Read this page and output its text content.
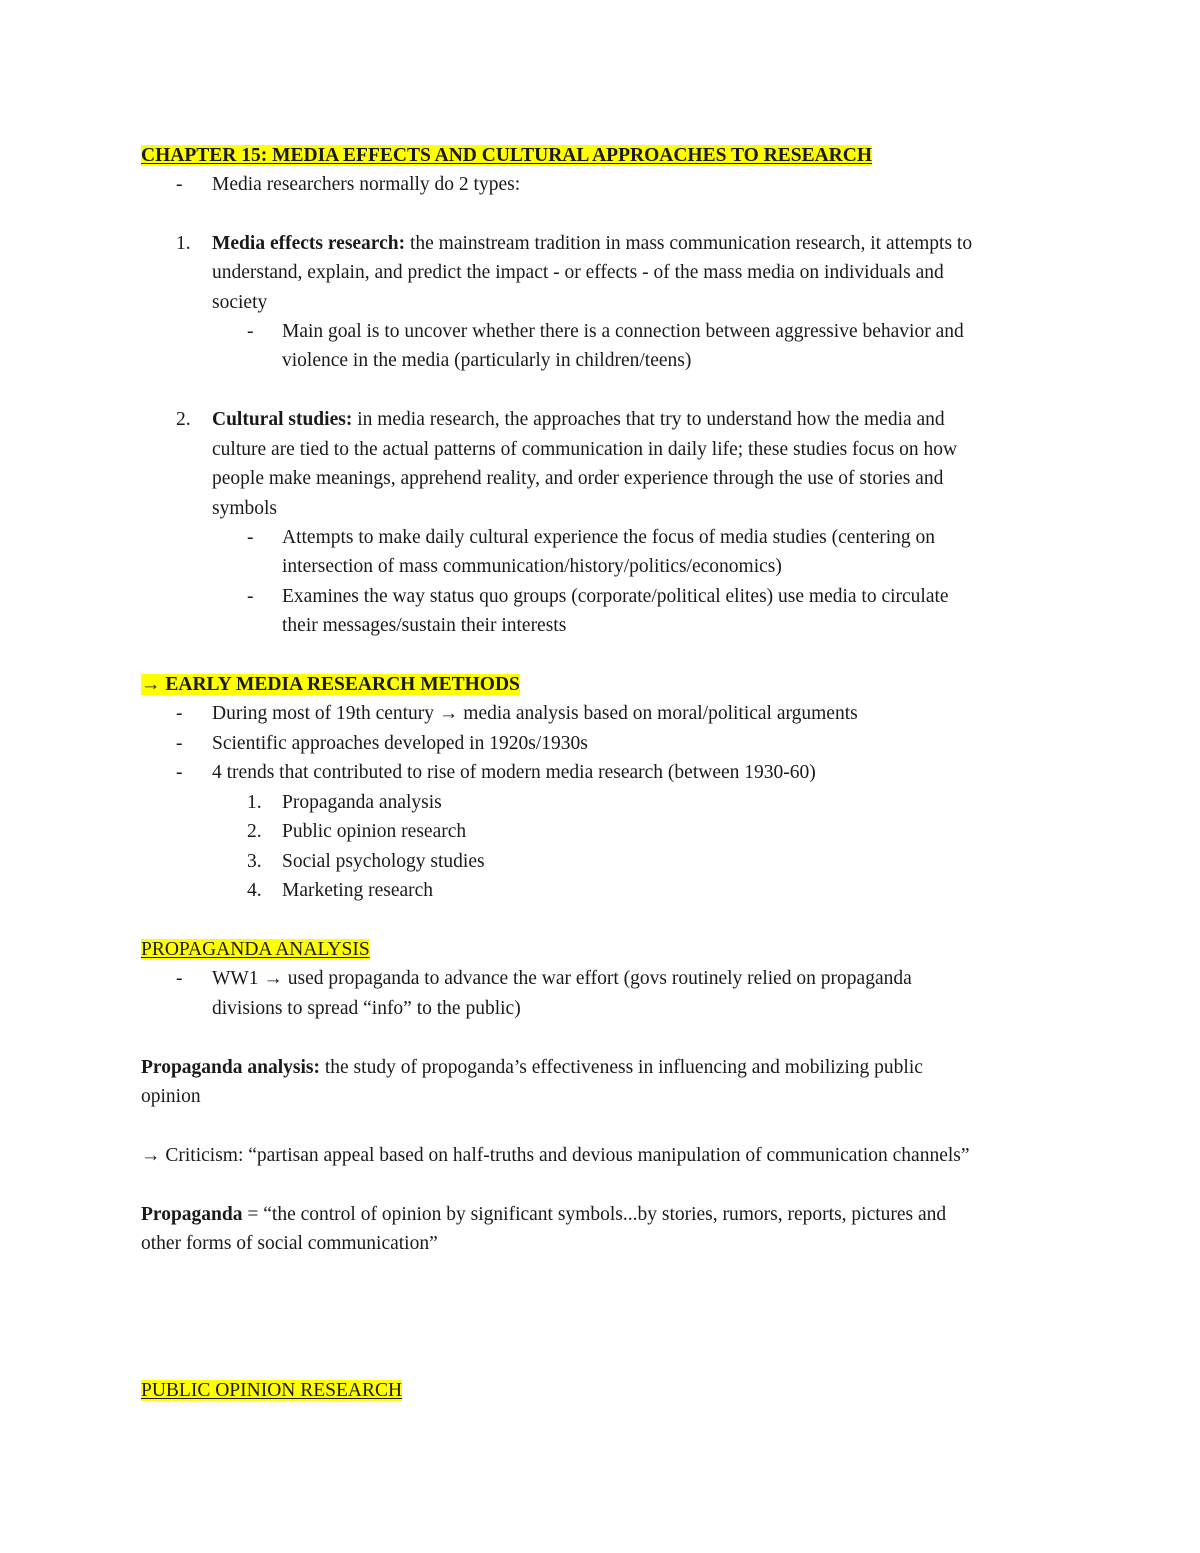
CHAPTER 15: MEDIA EFFECTS AND CULTURAL APPROACHES TO RESEARCH
- Media researchers normally do 2 types:
1. Media effects research: the mainstream tradition in mass communication research, it attempts to
understand, explain, and predict the impact - or effects - of the mass media on individuals and
society
- Main goal is to uncover whether there is a connection between aggressive behavior and
violence in the media (particularly in children/teens)
2. Cultural studies: in media research, the approaches that try to understand how the media and
culture are tied to the actual patterns of communication in daily life; these studies focus on how
people make meanings, apprehend reality, and order experience through the use of stories and
symbols
- Attempts to make daily cultural experience the focus of media studies (centering on
intersection of mass communication/history/politics/economics)
- Examines the way status quo groups (corporate/political elites) use media to circulate
their messages/sustain their interests
→ EARLY MEDIA RESEARCH METHODS
- During most of 19th century → media analysis based on moral/political arguments
- Scientific approaches developed in 1920s/1930s
- 4 trends that contributed to rise of modern media research (between 1930-60)
1. Propaganda analysis
2. Public opinion research
3. Social psychology studies
4. Marketing research
PROPAGANDA ANALYSIS
- WW1 → used propaganda to advance the war effort (govs routinely relied on propaganda
divisions to spread “info” to the public)
Propaganda analysis: the study of propoganda’s effectiveness in influencing and mobilizing public
opinion
→ Criticism: “partisan appeal based on half-truths and devious manipulation of communication channels”
Propaganda = “the control of opinion by significant symbols...by stories, rumors, reports, pictures and
other forms of social communication”
PUBLIC OPINION RESEARCH
